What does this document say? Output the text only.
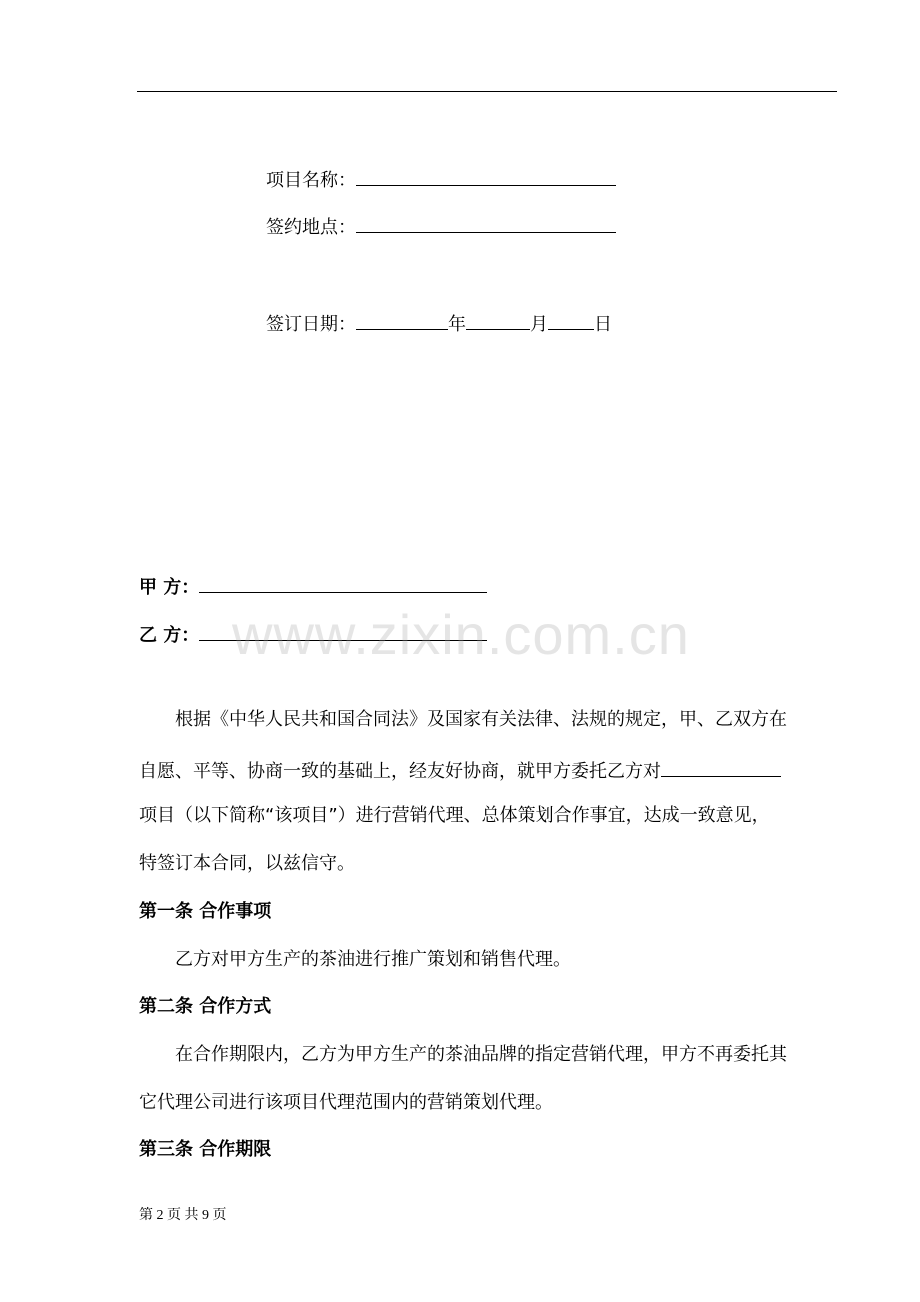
项目名称：
签约地点：
签订日期：	年	月	日
甲 方：
乙 方： www.zixin.com.cn
根据《中华人民共和国合同法》及国家有关法律、法规的规定，甲、乙双方在
自愿、平等、协商一致的基础上，经友好协商，就甲方委托乙方对
项目（以下简称“该项目”）进行营销代理、总体策划合作事宜，达成一致意见，
特签订本合同，以兹信守。
第一条 合作事项
乙方对甲方生产的茶油进行推广策划和销售代理。
第二条 合作方式
在合作期限内，乙方为甲方生产的茶油品牌的指定营销代理，甲方不再委托其
它代理公司进行该项目代理范围内的营销策划代理。
第三条 合作期限
第 2 页 共 9 页
